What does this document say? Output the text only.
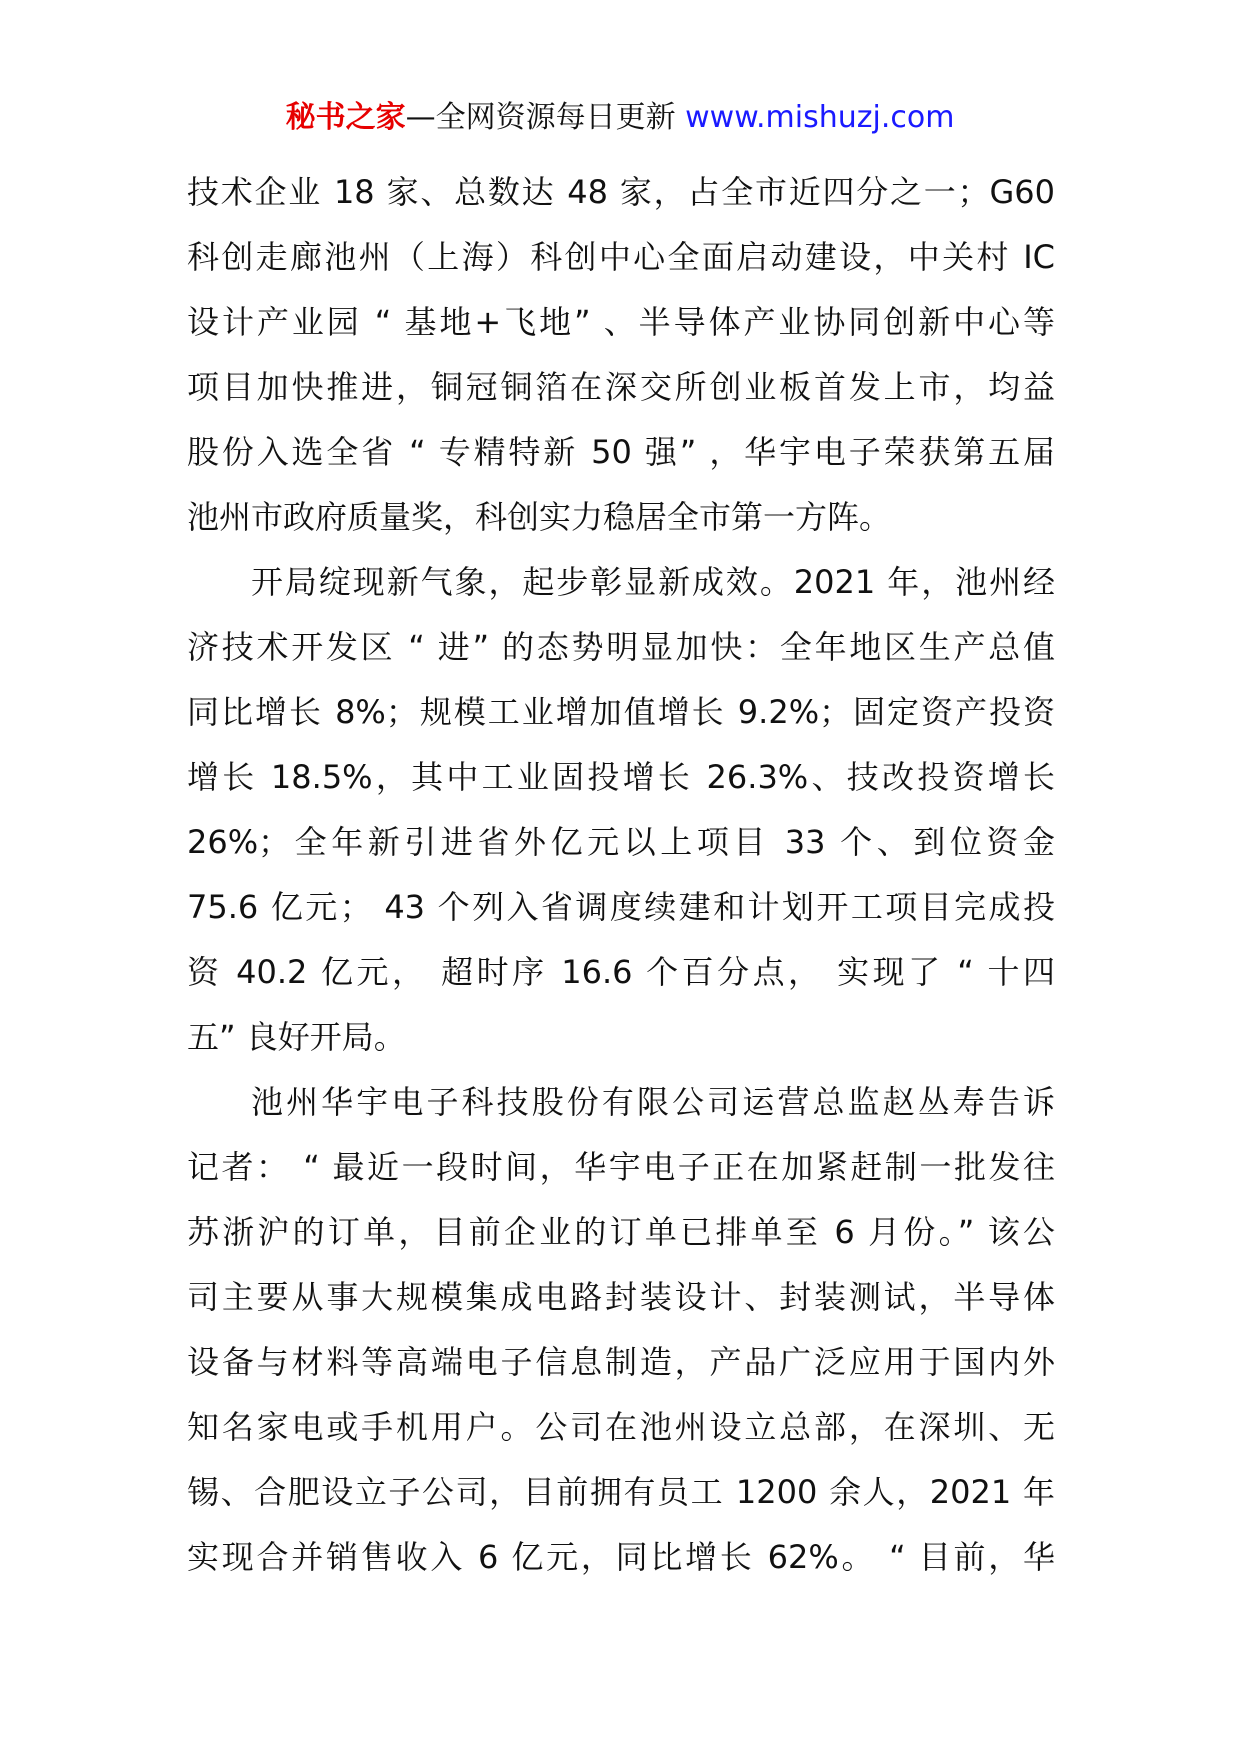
秘书之家—全网资源每日更新 www.mishuzj.com
技术企业 18 家、总数达 48 家，占全市近四分之一；G60
科创走廊池州（上海）科创中心全面启动建设，中关村 IC
设计产业园 “ 基地+飞地” 、半导体产业协同创新中心等
项目加快推进，铜冠铜箔在深交所创业板首发上市，均益
股份入选全省 “ 专精特新 50 强” ，华宇电子荣获第五届
池州市政府质量奖，科创实力稳居全市第一方阵。
开局绽现新气象，起步彰显新成效。2021 年，池州经
济技术开发区 “ 进” 的态势明显加快：全年地区生产总值
同比增长 8%；规模工业增加值增长 9.2%；固定资产投资
增长 18.5%，其中工业固投增长 26.3%、技改投资增长
26%；全年新引进省外亿元以上项目 33 个、到位资金
75.6 亿元； 43 个列入省调度续建和计划开工项目完成投
资 40.2 亿元， 超时序 16.6 个百分点， 实现了 “ 十四
五” 良好开局。
池州华宇电子科技股份有限公司运营总监赵丛寿告诉
记者： “ 最近一段时间，华宇电子正在加紧赶制一批发往
苏浙沪的订单，目前企业的订单已排单至 6 月份。” 该公
司主要从事大规模集成电路封装设计、封装测试，半导体
设备与材料等高端电子信息制造，产品广泛应用于国内外
知名家电或手机用户。公司在池州设立总部，在深圳、无
锡、合肥设立子公司，目前拥有员工 1200 余人，2021 年
实现合并销售收入 6 亿元，同比增长 62%。 “ 目前，华
